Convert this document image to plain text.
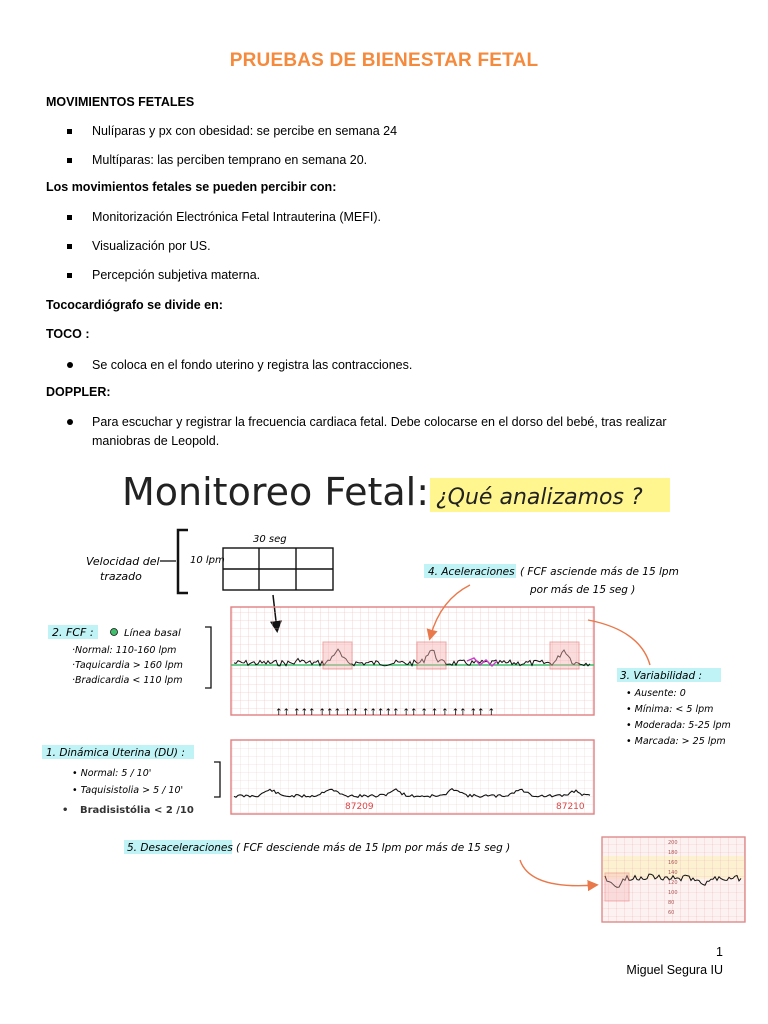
PRUEBAS DE BIENESTAR FETAL
MOVIMIENTOS FETALES
Nulíparas y px con obesidad: se percibe en semana 24
Multíparas: las perciben temprano en semana 20.
Los movimientos fetales se pueden percibir con:
Monitorización Electrónica Fetal Intrauterina (MEFI).
Visualización por US.
Percepción subjetiva materna.
Tococardiógrafo se divide en:
TOCO :
Se coloca en el fondo uterino y registra las contracciones.
DOPPLER:
Para escuchar y registrar la frecuencia cardiaca fetal. Debe colocarse en el dorso del bebé, tras realizar maniobras de Leopold.
Monitoreo Fetal: ¿Qué analizamos ?
Velocidad del
trazado
30 seg
10 lpm
↑↑ ↑↑↑ ↑↑↑ ↑↑ ↑↑↑↑↑ ↑↑ ↑ ↑ ↑ ↑↑ ↑↑ ↑
87209	87210
2. FCF :	Línea basal
·Normal: 110-160 lpm
·Taquicardia > 160 lpm
·Bradicardia < 110 lpm
4. Aceleraciones ( FCF asciende más de 15 lpm
por más de 15 seg )
3. Variabilidad :
• Ausente: 0
• Mínima: < 5 lpm
• Moderada: 5-25 lpm
• Marcada: > 25 lpm
1. Dinámica Uterina (DU) :
• Normal: 5 / 10'
• Taquisistolia > 5 / 10'
• Bradisistólia < 2 /10
5. Desaceleraciones ( FCF desciende más de 15 lpm por más de 15 seg )	200
180
160
140
120
100
80
60
1
Miguel Segura IU
